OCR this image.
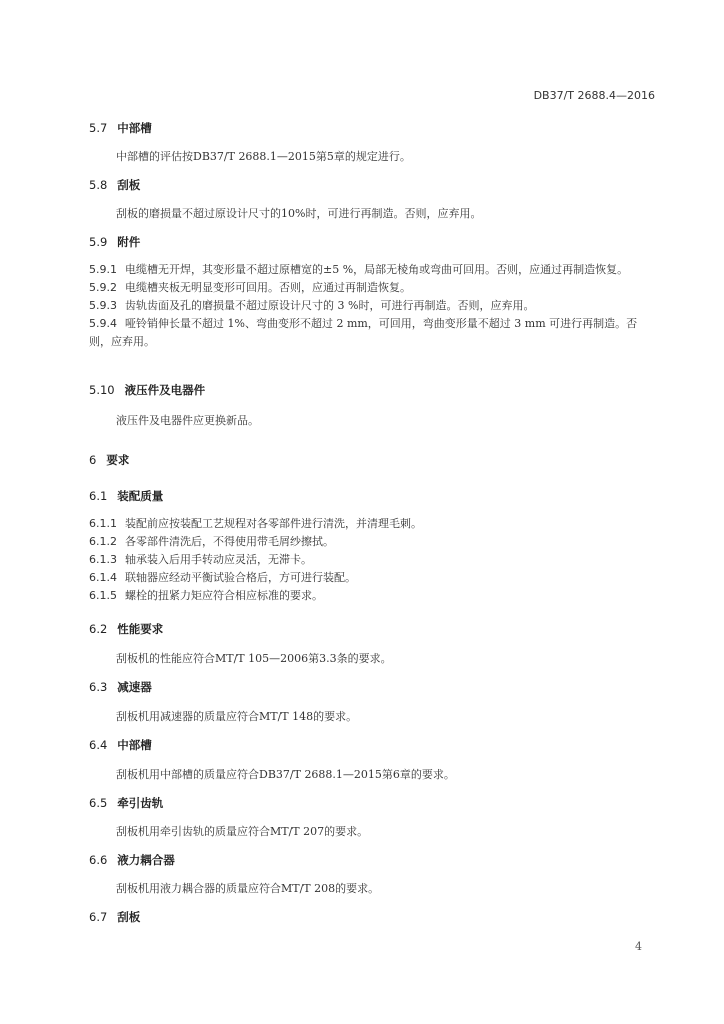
DB37/T 2688.4—2016
5.7 中部槽
中部槽的评估按DB37/T 2688.1—2015第5章的规定进行。
5.8 刮板
刮板的磨损量不超过原设计尺寸的10%时，可进行再制造。否则，应弃用。
5.9 附件
5.9.1 电缆槽无开焊，其变形量不超过原槽宽的±5 %，局部无棱角或弯曲可回用。否则，应通过再制造恢复。
5.9.2 电缆槽夹板无明显变形可回用。否则，应通过再制造恢复。
5.9.3 齿轨齿面及孔的磨损量不超过原设计尺寸的 3 %时，可进行再制造。否则，应弃用。
5.9.4 哑铃销伸长量不超过 1%、弯曲变形不超过 2 mm，可回用，弯曲变形量不超过 3 mm 可进行再制造。否则，应弃用。
5.10 液压件及电器件
液压件及电器件应更换新品。
6 要求
6.1 装配质量
6.1.1 装配前应按装配工艺规程对各零部件进行清洗，并清理毛刺。
6.1.2 各零部件清洗后，不得使用带毛屑纱擦拭。
6.1.3 轴承装入后用手转动应灵活，无滞卡。
6.1.4 联轴器应经动平衡试验合格后，方可进行装配。
6.1.5 螺栓的扭紧力矩应符合相应标准的要求。
6.2 性能要求
刮板机的性能应符合MT/T 105—2006第3.3条的要求。
6.3 减速器
刮板机用减速器的质量应符合MT/T 148的要求。
6.4 中部槽
刮板机用中部槽的质量应符合DB37/T 2688.1—2015第6章的要求。
6.5 牵引齿轨
刮板机用牵引齿轨的质量应符合MT/T 207的要求。
6.6 液力耦合器
刮板机用液力耦合器的质量应符合MT/T 208的要求。
6.7 刮板
4
